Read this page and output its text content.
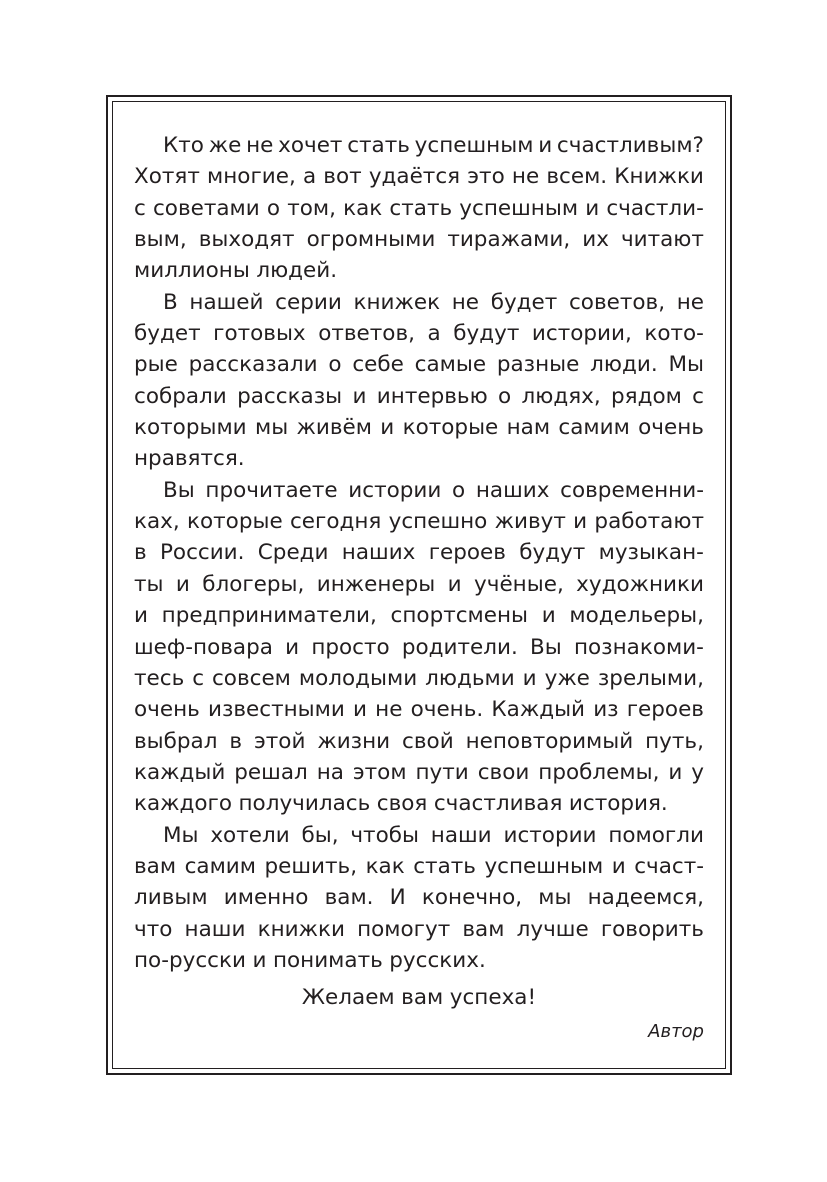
Кто же не хочет стать успешным и счастливым?
Хотят многие, а вот удаётся это не всем. Книжки
с советами о том, как стать успешным и счастли-
вым, выходят огромными тиражами, их читают
миллионы людей.
В нашей серии книжек не будет советов, не
будет готовых ответов, а будут истории, кото-
рые рассказали о себе самые разные люди. Мы
собрали рассказы и интервью о людях, рядом с
которыми мы живём и которые нам самим очень
нравятся.
Вы прочитаете истории о наших современни-
ках, которые сегодня успешно живут и работают
в России. Среди наших героев будут музыкан-
ты и блогеры, инженеры и учёные, художники
и предприниматели, спортсмены и модельеры,
шеф-повара и просто родители. Вы познакоми-
тесь с совсем молодыми людьми и уже зрелыми,
очень известными и не очень. Каждый из героев
выбрал в этой жизни свой неповторимый путь,
каждый решал на этом пути свои проблемы, и у
каждого получилась своя счастливая история.
Мы хотели бы, чтобы наши истории помогли
вам самим решить, как стать успешным и счаст-
ливым именно вам. И конечно, мы надеемся,
что наши книжки помогут вам лучше говорить
по-русски и понимать русских.
Желаем вам успеха!
Автор
